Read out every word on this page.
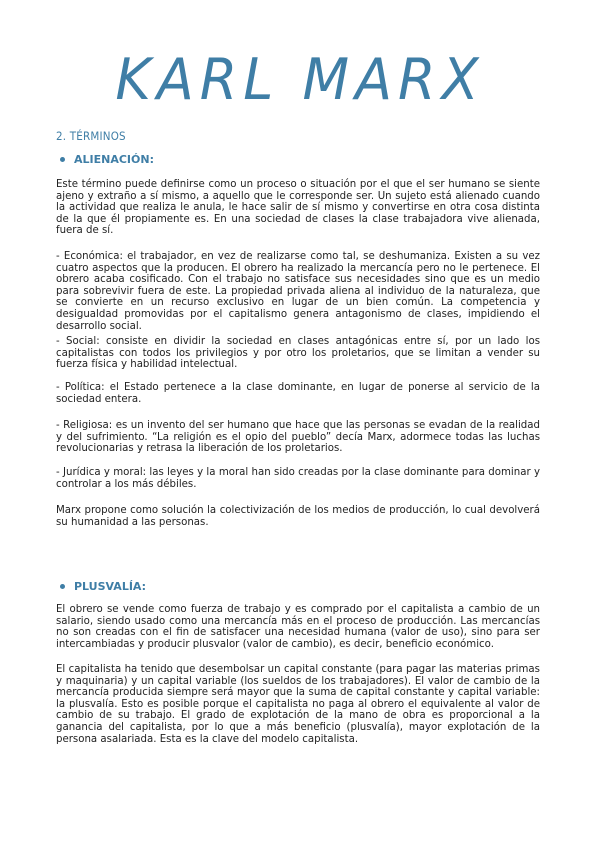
KARL MARX
2. TÉRMINOS
ALIENACIÓN:

Este término puede definirse como un proceso o situación por el que el ser humano se siente ajeno y extraño a sí mismo, a aquello que le corresponde ser. Un sujeto está alienado cuando la actividad que realiza le anula, le hace salir de sí mismo y convertirse en otra cosa distinta de la que él propiamente es. En una sociedad de clases la clase trabajadora vive alienada, fuera de sí.

- Económica: el trabajador, en vez de realizarse como tal, se deshumaniza. Existen a su vez cuatro aspectos que la producen. El obrero ha realizado la mercancía pero no le pertenece. El obrero acaba cosificado. Con el trabajo no satisface sus necesidades sino que es un medio para sobrevivir fuera de este. La propiedad privada aliena al individuo de la naturaleza, que se convierte en un recurso exclusivo en lugar de un bien común. La competencia y desigualdad promovidas por el capitalismo genera antagonismo de clases, impidiendo el desarrollo social.

- Social: consiste en dividir la sociedad en clases antagónicas entre sí, por un lado los capitalistas con todos los privilegios y por otro los proletarios, que se limitan a vender su fuerza física y habilidad intelectual.

- Política: el Estado pertenece a la clase dominante, en lugar de ponerse al servicio de la sociedad entera.

- Religiosa: es un invento del ser humano que hace que las personas se evadan de la realidad y del sufrimiento. “La religión es el opio del pueblo” decía Marx, adormece todas las luchas revolucionarias y retrasa la liberación de los proletarios.

- Jurídica y moral: las leyes y la moral han sido creadas por la clase dominante para dominar y controlar a los más débiles.

Marx propone como solución la colectivización de los medios de producción, lo cual devolverá su humanidad a las personas.

PLUSVALÍA:

El obrero se vende como fuerza de trabajo y es comprado por el capitalista a cambio de un salario, siendo usado como una mercancía más en el proceso de producción. Las mercancías no son creadas con el fin de satisfacer una necesidad humana (valor de uso), sino para ser intercambiadas y producir plusvalor (valor de cambio), es decir, beneficio económico.

El capitalista ha tenido que desembolsar un capital constante (para pagar las materias primas y maquinaria) y un capital variable (los sueldos de los trabajadores). El valor de cambio de la mercancía producida siempre será mayor que la suma de capital constante y capital variable: la plusvalía. Esto es posible porque el capitalista no paga al obrero el equivalente al valor de cambio de su trabajo. El grado de explotación de la mano de obra es proporcional a la ganancia del capitalista, por lo que a más beneficio (plusvalía), mayor explotación de la persona asalariada. Esta es la clave del modelo capitalista.
